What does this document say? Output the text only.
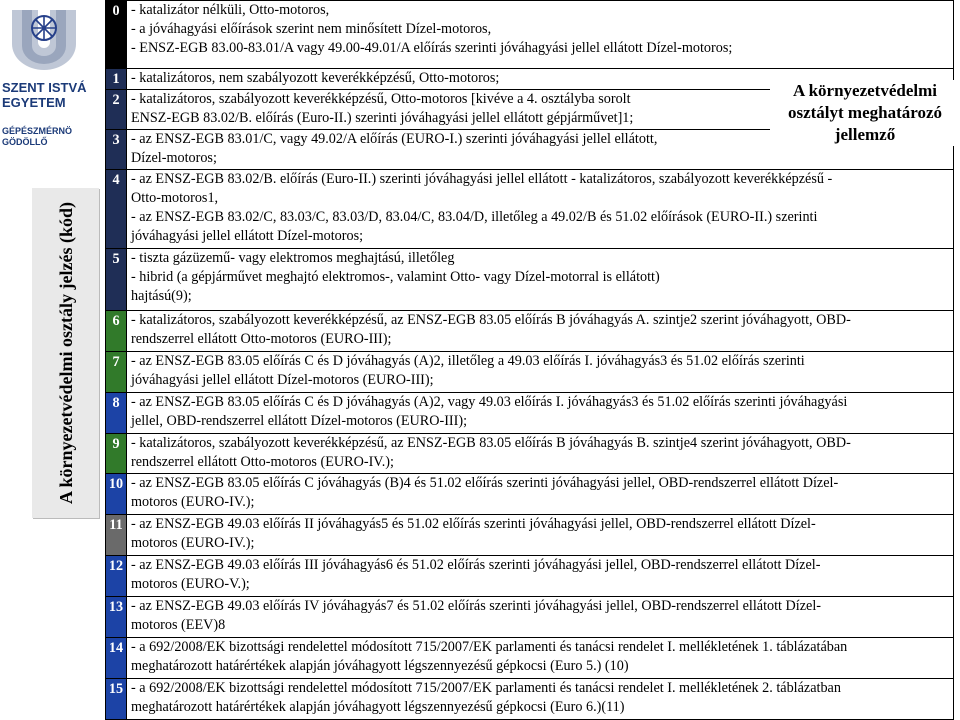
SZENT ISTVÁ
EGYETEM
GÉPÉSZMÉRNÖ
GÖDÖLLŐ
A környezetvédelmi osztály jelzés (kód)
0	- katalizátor nélküli, Otto-motoros,
- a jóváhagyási előírások szerint nem minősített Dízel-motoros,
- ENSZ-EGB 83.00-83.01/A vagy 49.00-49.01/A előírás szerinti jóváhagyási jellel ellátott Dízel-motoros;

1	- katalizátoros, nem szabályozott keverékképzésű, Otto-motoros;

2	- katalizátoros, szabályozott keverékképzésű, Otto-motoros [kivéve a 4. osztályba sorolt
ENSZ-EGB 83.02/B. előírás (Euro-II.) szerinti jóváhagyási jellel ellátott gépjárművet]1;

3	- az ENSZ-EGB 83.01/C, vagy 49.02/A előírás (EURO-I.) szerinti jóváhagyási jellel ellátott,
Dízel-motoros;

4	- az ENSZ-EGB 83.02/B. előírás (Euro-II.) szerinti jóváhagyási jellel ellátott - katalizátoros, szabályozott keverékképzésű -
Otto-motoros1,
- az ENSZ-EGB 83.02/C, 83.03/C, 83.03/D, 83.04/C, 83.04/D, illetőleg a 49.02/B és 51.02 előírások (EURO-II.) szerinti
jóváhagyási jellel ellátott Dízel-motoros;

5	- tiszta gázüzemű- vagy elektromos meghajtású, illetőleg
- hibrid (a gépjárművet meghajtó elektromos-, valamint Otto- vagy Dízel-motorral is ellátott)
hajtású(9);

6	- katalizátoros, szabályozott keverékképzésű, az ENSZ-EGB 83.05 előírás B jóváhagyás A. szintje2 szerint jóváhagyott, OBD-
rendszerrel ellátott Otto-motoros (EURO-III);

7	- az ENSZ-EGB 83.05 előírás C és D jóváhagyás (A)2, illetőleg a 49.03 előírás I. jóváhagyás3 és 51.02 előírás szerinti
jóváhagyási jellel ellátott Dízel-motoros (EURO-III);

8	- az ENSZ-EGB 83.05 előírás C és D jóváhagyás (A)2, vagy 49.03 előírás I. jóváhagyás3 és 51.02 előírás szerinti jóváhagyási
jellel, OBD-rendszerrel ellátott Dízel-motoros (EURO-III);

9	- katalizátoros, szabályozott keverékképzésű, az ENSZ-EGB 83.05 előírás B jóváhagyás B. szintje4 szerint jóváhagyott, OBD-
rendszerrel ellátott Otto-motoros (EURO-IV.);

10	- az ENSZ-EGB 83.05 előírás C jóváhagyás (B)4 és 51.02 előírás szerinti jóváhagyási jellel, OBD-rendszerrel ellátott Dízel-
motoros (EURO-IV.);

11	- az ENSZ-EGB 49.03 előírás II jóváhagyás5 és 51.02 előírás szerinti jóváhagyási jellel, OBD-rendszerrel ellátott Dízel-
motoros (EURO-IV.);

12	- az ENSZ-EGB 49.03 előírás III jóváhagyás6 és 51.02 előírás szerinti jóváhagyási jellel, OBD-rendszerrel ellátott Dízel-
motoros (EURO-V.);

13	- az ENSZ-EGB 49.03 előírás IV jóváhagyás7 és 51.02 előírás szerinti jóváhagyási jellel, OBD-rendszerrel ellátott Dízel-
motoros (EEV)8

14	- a 692/2008/EK bizottsági rendelettel módosított 715/2007/EK parlamenti és tanácsi rendelet I. mellékletének 1. táblázatában
meghatározott határértékek alapján jóváhagyott légszennyezésű gépkocsi (Euro 5.) (10)

15	- a 692/2008/EK bizottsági rendelettel módosított 715/2007/EK parlamenti és tanácsi rendelet I. mellékletének 2. táblázatban
meghatározott határértékek alapján jóváhagyott légszennyezésű gépkocsi (Euro 6.)(11)
A környezetvédelmi
osztályt meghatározó
jellemző
